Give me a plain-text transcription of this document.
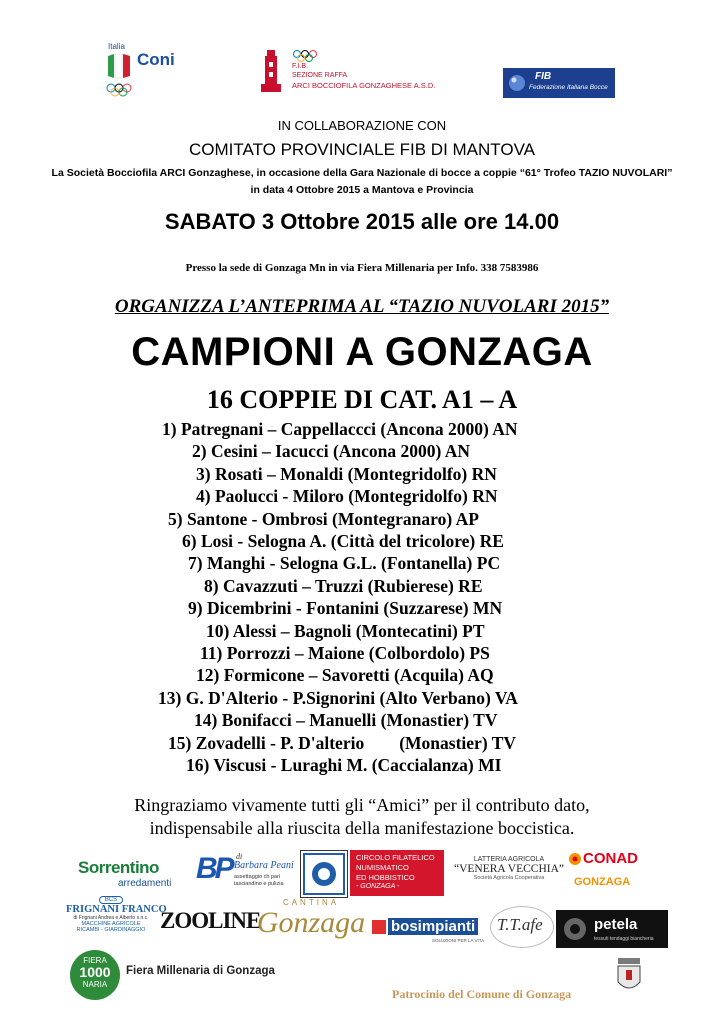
Italia
Coni	F.I.B.
SEZIONE RAFFA
ARCI BOCCIOFILA GONZAGHESE A.S.D.
FIB
Federazione Italiana Bocce
IN COLLABORAZIONE CON
COMITATO PROVINCIALE FIB DI MANTOVA
La Società Bocciofila ARCI Gonzaghese, in occasione della Gara Nazionale di bocce a coppie “61° Trofeo TAZIO NUVOLARI”
in data 4 Ottobre 2015 a Mantova e Provincia
SABATO 3 Ottobre 2015 alle ore 14.00
Presso la sede di Gonzaga Mn in via Fiera Millenaria per Info. 338 7583986
ORGANIZZA L’ANTEPRIMA AL “TAZIO NUVOLARI 2015”
CAMPIONI A GONZAGA
16 COPPIE DI CAT. A1 – A
1) Patregnani – Cappellaccci (Ancona 2000) AN
2) Cesini – Iacucci (Ancona 2000) AN
3) Rosati – Monaldi (Montegridolfo) RN
4) Paolucci - Miloro (Montegridolfo) RN
5) Santone - Ombrosi (Montegranaro) AP
6) Losi - Selogna A. (Città del tricolore) RE
7) Manghi - Selogna G.L. (Fontanella) PC
8) Cavazzuti – Truzzi (Rubierese) RE
9) Dicembrini - Fontanini (Suzzarese) MN
10) Alessi – Bagnoli (Montecatini) PT
11) Porrozzi – Maione (Colbordolo) PS
12) Formicone – Savoretti (Acquila) AQ
13) G. D'Alterio - P.Signorini (Alto Verbano) VA
14) Bonifacci – Manuelli (Monastier) TV
15) Zovadelli - P. D'alterio        (Monastier) TV
16) Viscusi - Luraghi M. (Caccialanza) MI
Ringraziamo vivamente tutti gli “Amici” per il contributo dato,
indispensabile alla riuscita della manifestazione boccistica.
Sorrentino
arredamenti BP di
Barbara Peani
assettaggio ch pari tasciandino e pulizia
CIRCOLO FILATELICO
NUMISMATICO
ED HOBBISTICO
- GONZAGA -
LATTERIA AGRICOLA
“VENERA VECCHIA”
Società Agricola Cooperativa
CONAD
GONZAGA
BCS
FRIGNANI FRANCO
di Frignani Andrea e Alberto s.n.c.
MACCHINE AGRICOLE
RICAMBI - GIARDINAGGIO ZOOLINE
CANTINA
Gonzaga	bosimpianti
SOLUZIONI PER LA VITA
T.T.afe	petela
tessuti tendaggi biancheria
FIERA
1000
NARIA
Fiera Millenaria di Gonzaga
Patrocinio del Comune di Gonzaga
